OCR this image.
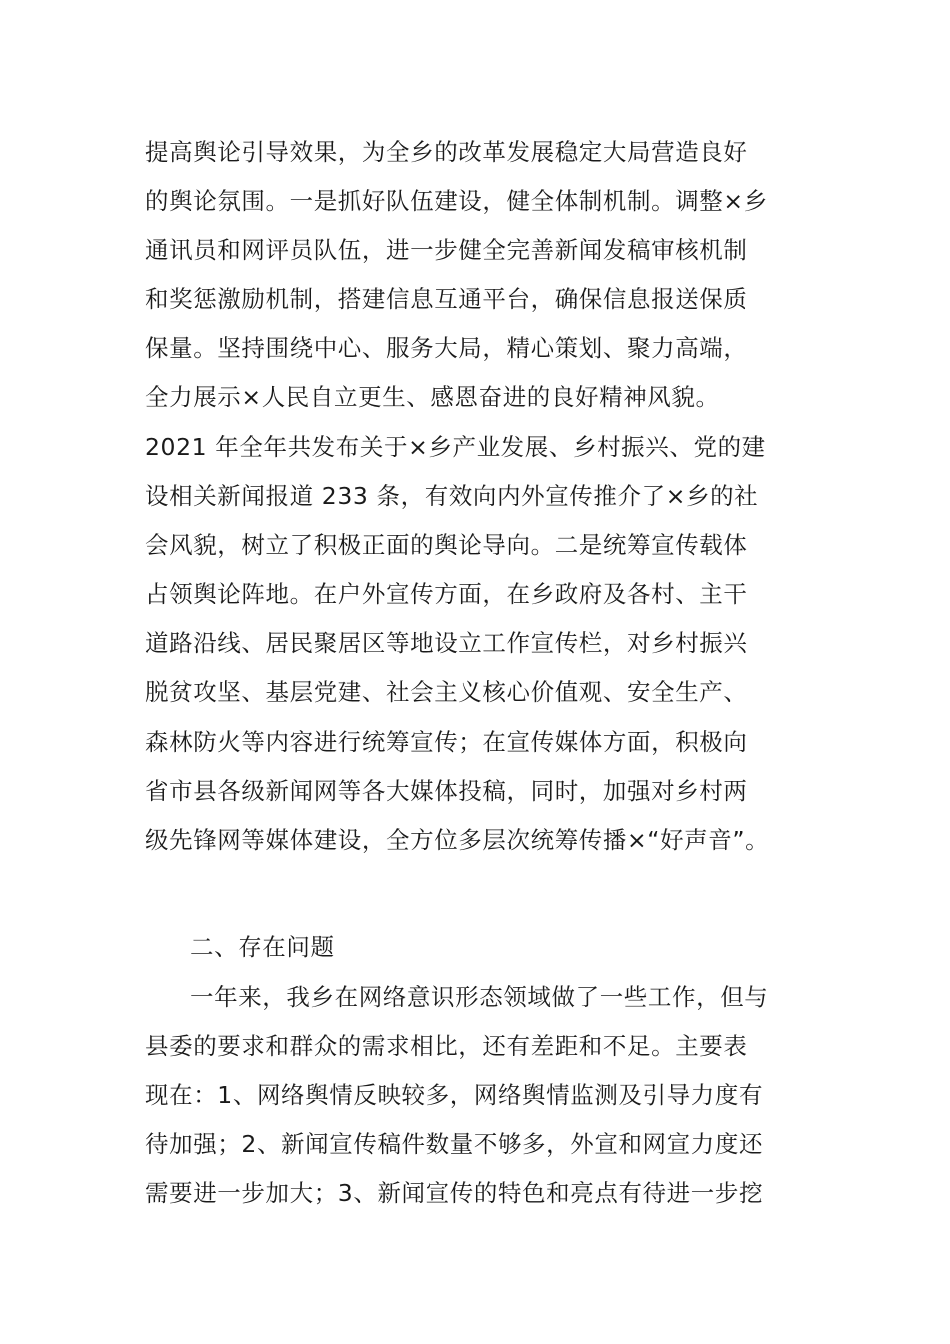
提高舆论引导效果，为全乡的改革发展稳定大局营造良好

的舆论氛围。一是抓好队伍建设，健全体制机制。调整×乡

通讯员和网评员队伍，进一步健全完善新闻发稿审核机制

和奖惩激励机制，搭建信息互通平台，确保信息报送保质

保量。坚持围绕中心、服务大局，精心策划、聚力高端，

全力展示×人民自立更生、感恩奋进的良好精神风貌。

2021 年全年共发布关于×乡产业发展、乡村振兴、党的建

设相关新闻报道 233 条，有效向内外宣传推介了×乡的社

会风貌，树立了积极正面的舆论导向。二是统筹宣传载体

占领舆论阵地。在户外宣传方面，在乡政府及各村、主干

道路沿线、居民聚居区等地设立工作宣传栏，对乡村振兴

脱贫攻坚、基层党建、社会主义核心价值观、安全生产、

森林防火等内容进行统筹宣传；在宣传媒体方面，积极向

省市县各级新闻网等各大媒体投稿，同时，加强对乡村两

级先锋网等媒体建设，全方位多层次统筹传播×“好声音”。

二、存在问题

一年来，我乡在网络意识形态领域做了一些工作，但与

县委的要求和群众的需求相比，还有差距和不足。主要表

现在：1、网络舆情反映较多，网络舆情监测及引导力度有

待加强；2、新闻宣传稿件数量不够多，外宣和网宣力度还

需要进一步加大；3、新闻宣传的特色和亮点有待进一步挖
